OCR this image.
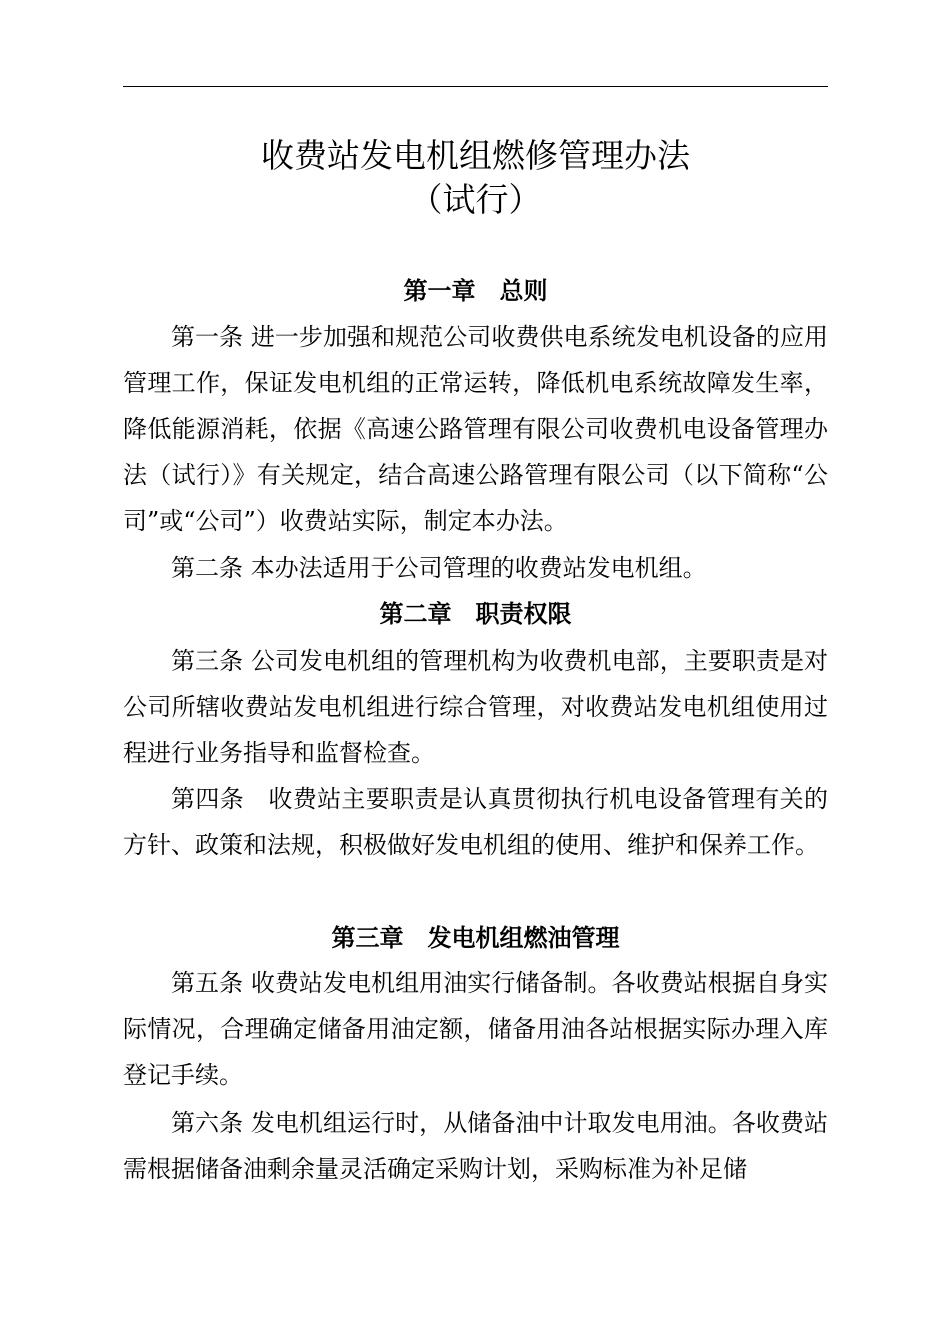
收费站发电机组燃修管理办法
（试行）
第一章　总则

第一条 进一步加强和规范公司收费供电系统发电机设备的应用管理工作，保证发电机组的正常运转，降低机电系统故障发生率，降低能源消耗，依据《高速公路管理有限公司收费机电设备管理办法（试行）》有关规定，结合高速公路管理有限公司（以下简称“公司”或“公司”）收费站实际，制定本办法。

第二条 本办法适用于公司管理的收费站发电机组。

第二章　职责权限

第三条 公司发电机组的管理机构为收费机电部，主要职责是对公司所辖收费站发电机组进行综合管理，对收费站发电机组使用过程进行业务指导和监督检查。

第四条　收费站主要职责是认真贯彻执行机电设备管理有关的方针、政策和法规，积极做好发电机组的使用、维护和保养工作。

第三章　发电机组燃油管理

第五条 收费站发电机组用油实行储备制。各收费站根据自身实际情况，合理确定储备用油定额，储备用油各站根据实际办理入库登记手续。

第六条 发电机组运行时，从储备油中计取发电用油。各收费站需根据储备油剩余量灵活确定采购计划，采购标准为补足储
